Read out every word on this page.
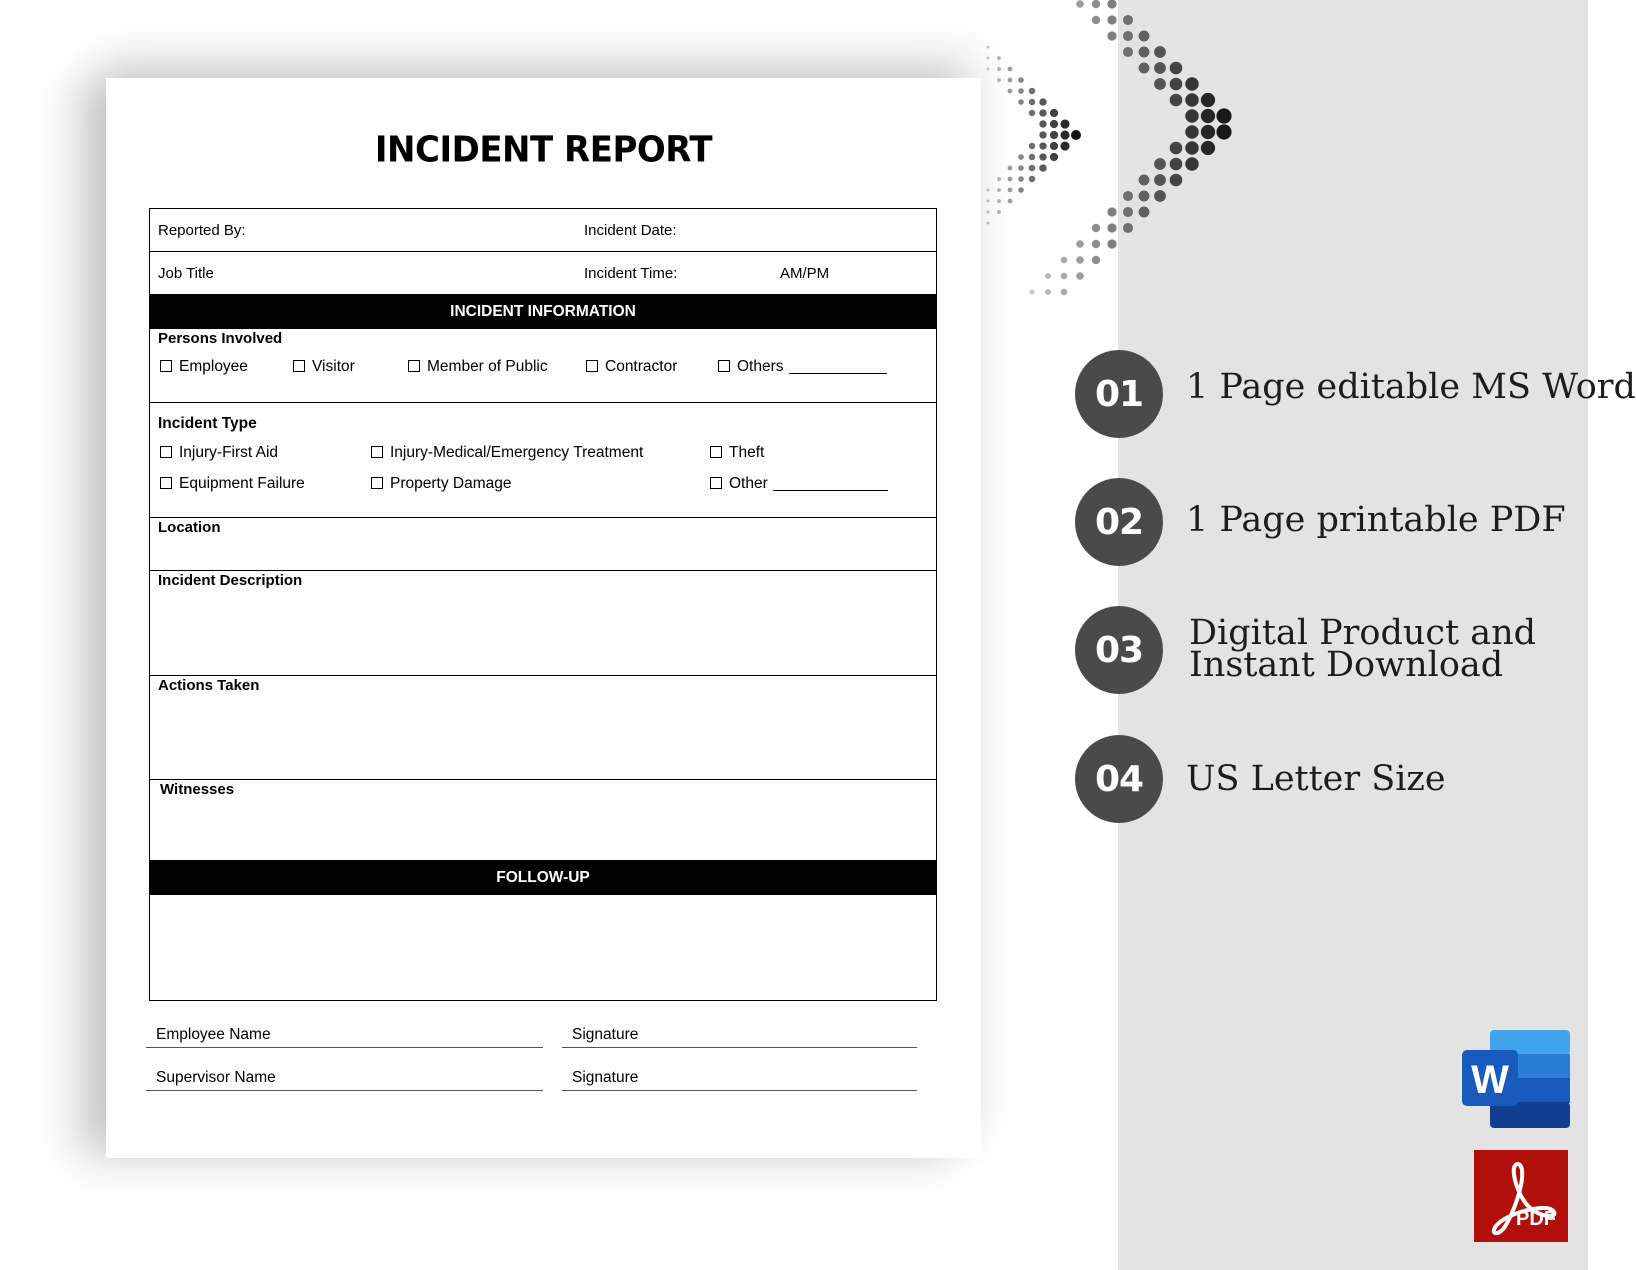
INCIDENT REPORT
Reported By:	Incident Date:
Job Title	Incident Time:	AM/PM
INCIDENT INFORMATION
Persons Involved
Employee	Visitor	Member of Public	Contractor	Others
Incident Type
Injury-First Aid	Injury-Medical/Emergency Treatment	Theft
Equipment Failure	Property Damage	Other
Location
Incident Description
Actions Taken
Witnesses
FOLLOW-UP
Employee Name	Signature
Supervisor Name	Signature
01	1 Page editable MS Word
02	1 Page printable PDF
03	Digital Product and
Instant Download
04	US Letter Size
W
PDF
